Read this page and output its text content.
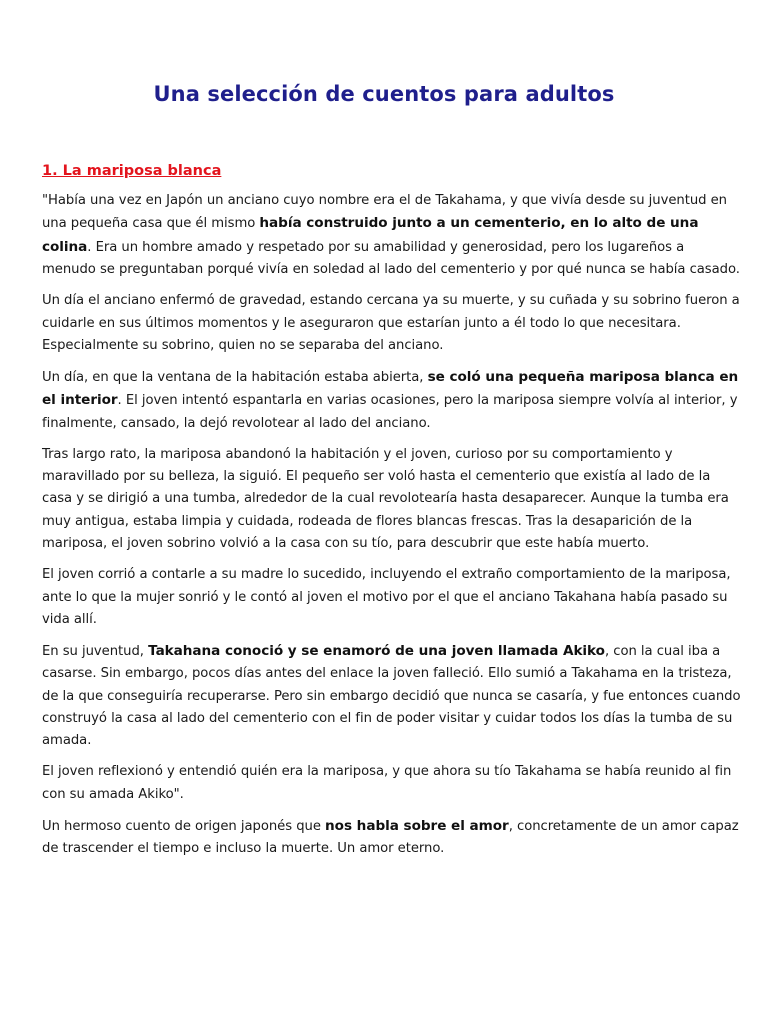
Una selección de cuentos para adultos
1. La mariposa blanca

"Había una vez en Japón un anciano cuyo nombre era el de Takahama, y que vivía desde su juventud en una pequeña casa que él mismo había construido junto a un cementerio, en lo alto de una colina. Era un hombre amado y respetado por su amabilidad y generosidad, pero los lugareños a menudo se preguntaban porqué vivía en soledad al lado del cementerio y por qué nunca se había casado.

Un día el anciano enfermó de gravedad, estando cercana ya su muerte, y su cuñada y su sobrino fueron a cuidarle en sus últimos momentos y le aseguraron que estarían junto a él todo lo que necesitara. Especialmente su sobrino, quien no se separaba del anciano.

Un día, en que la ventana de la habitación estaba abierta, se coló una pequeña mariposa blanca en el interior. El joven intentó espantarla en varias ocasiones, pero la mariposa siempre volvía al interior, y finalmente, cansado, la dejó revolotear al lado del anciano.

Tras largo rato, la mariposa abandonó la habitación y el joven, curioso por su comportamiento y maravillado por su belleza, la siguió. El pequeño ser voló hasta el cementerio que existía al lado de la casa y se dirigió a una tumba, alrededor de la cual revolotearía hasta desaparecer. Aunque la tumba era muy antigua, estaba limpia y cuidada, rodeada de flores blancas frescas. Tras la desaparición de la mariposa, el joven sobrino volvió a la casa con su tío, para descubrir que este había muerto.

El joven corrió a contarle a su madre lo sucedido, incluyendo el extraño comportamiento de la mariposa, ante lo que la mujer sonrió y le contó al joven el motivo por el que el anciano Takahana había pasado su vida allí.

En su juventud, Takahana conoció y se enamoró de una joven llamada Akiko, con la cual iba a casarse. Sin embargo, pocos días antes del enlace la joven falleció. Ello sumió a Takahama en la tristeza, de la que conseguiría recuperarse. Pero sin embargo decidió que nunca se casaría, y fue entonces cuando construyó la casa al lado del cementerio con el fin de poder visitar y cuidar todos los días la tumba de su amada.

El joven reflexionó y entendió quién era la mariposa, y que ahora su tío Takahama se había reunido al fin con su amada Akiko".

Un hermoso cuento de origen japonés que nos habla sobre el amor, concretamente de un amor capaz de trascender el tiempo e incluso la muerte. Un amor eterno.
